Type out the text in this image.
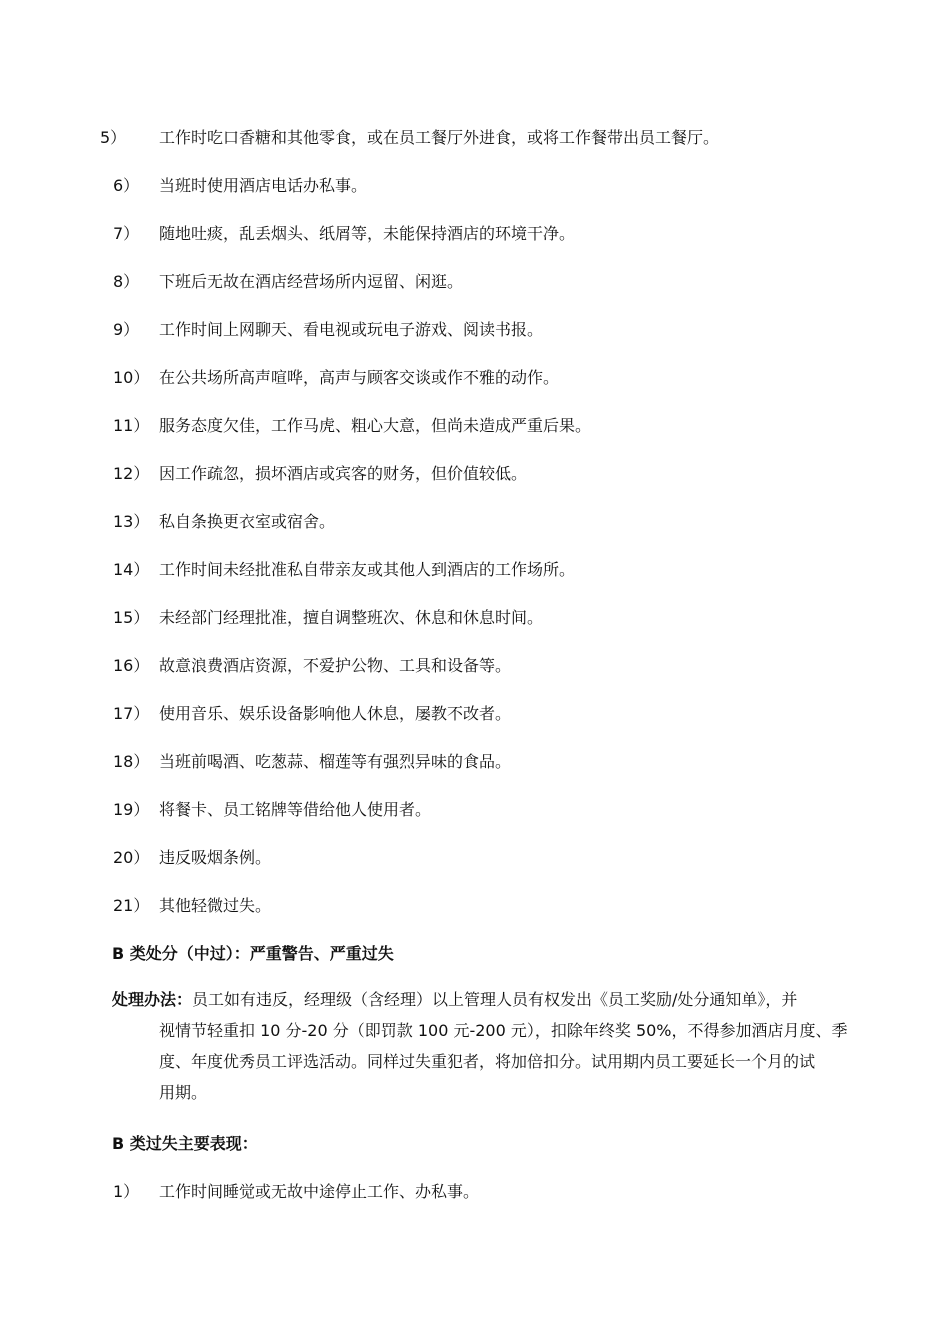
5） 工作时吃口香糖和其他零食，或在员工餐厅外进食，或将工作餐带出员工餐厅。
6） 当班时使用酒店电话办私事。
7） 随地吐痰，乱丢烟头、纸屑等，未能保持酒店的环境干净。
8） 下班后无故在酒店经营场所内逗留、闲逛。
9） 工作时间上网聊天、看电视或玩电子游戏、阅读书报。
10） 在公共场所高声喧哗，高声与顾客交谈或作不雅的动作。
11） 服务态度欠佳，工作马虎、粗心大意，但尚未造成严重后果。
12） 因工作疏忽，损坏酒店或宾客的财务，但价值较低。
13） 私自条换更衣室或宿舍。
14） 工作时间未经批准私自带亲友或其他人到酒店的工作场所。
15） 未经部门经理批准，擅自调整班次、休息和休息时间。
16） 故意浪费酒店资源，不爱护公物、工具和设备等。
17） 使用音乐、娱乐设备影响他人休息，屡教不改者。
18） 当班前喝酒、吃葱蒜、榴莲等有强烈异味的食品。
19） 将餐卡、员工铭牌等借给他人使用者。
20） 违反吸烟条例。
21） 其他轻微过失。
B 类处分（中过）：严重警告、严重过失
处理办法：员工如有违反，经理级（含经理）以上管理人员有权发出《员工奖励/处分通知单》，并
视情节轻重扣 10 分-20 分（即罚款 100 元-200 元），扣除年终奖 50%，不得参加酒店月度、季
度、年度优秀员工评选活动。同样过失重犯者，将加倍扣分。试用期内员工要延长一个月的试
用期。
B 类过失主要表现：
1） 工作时间睡觉或无故中途停止工作、办私事。
